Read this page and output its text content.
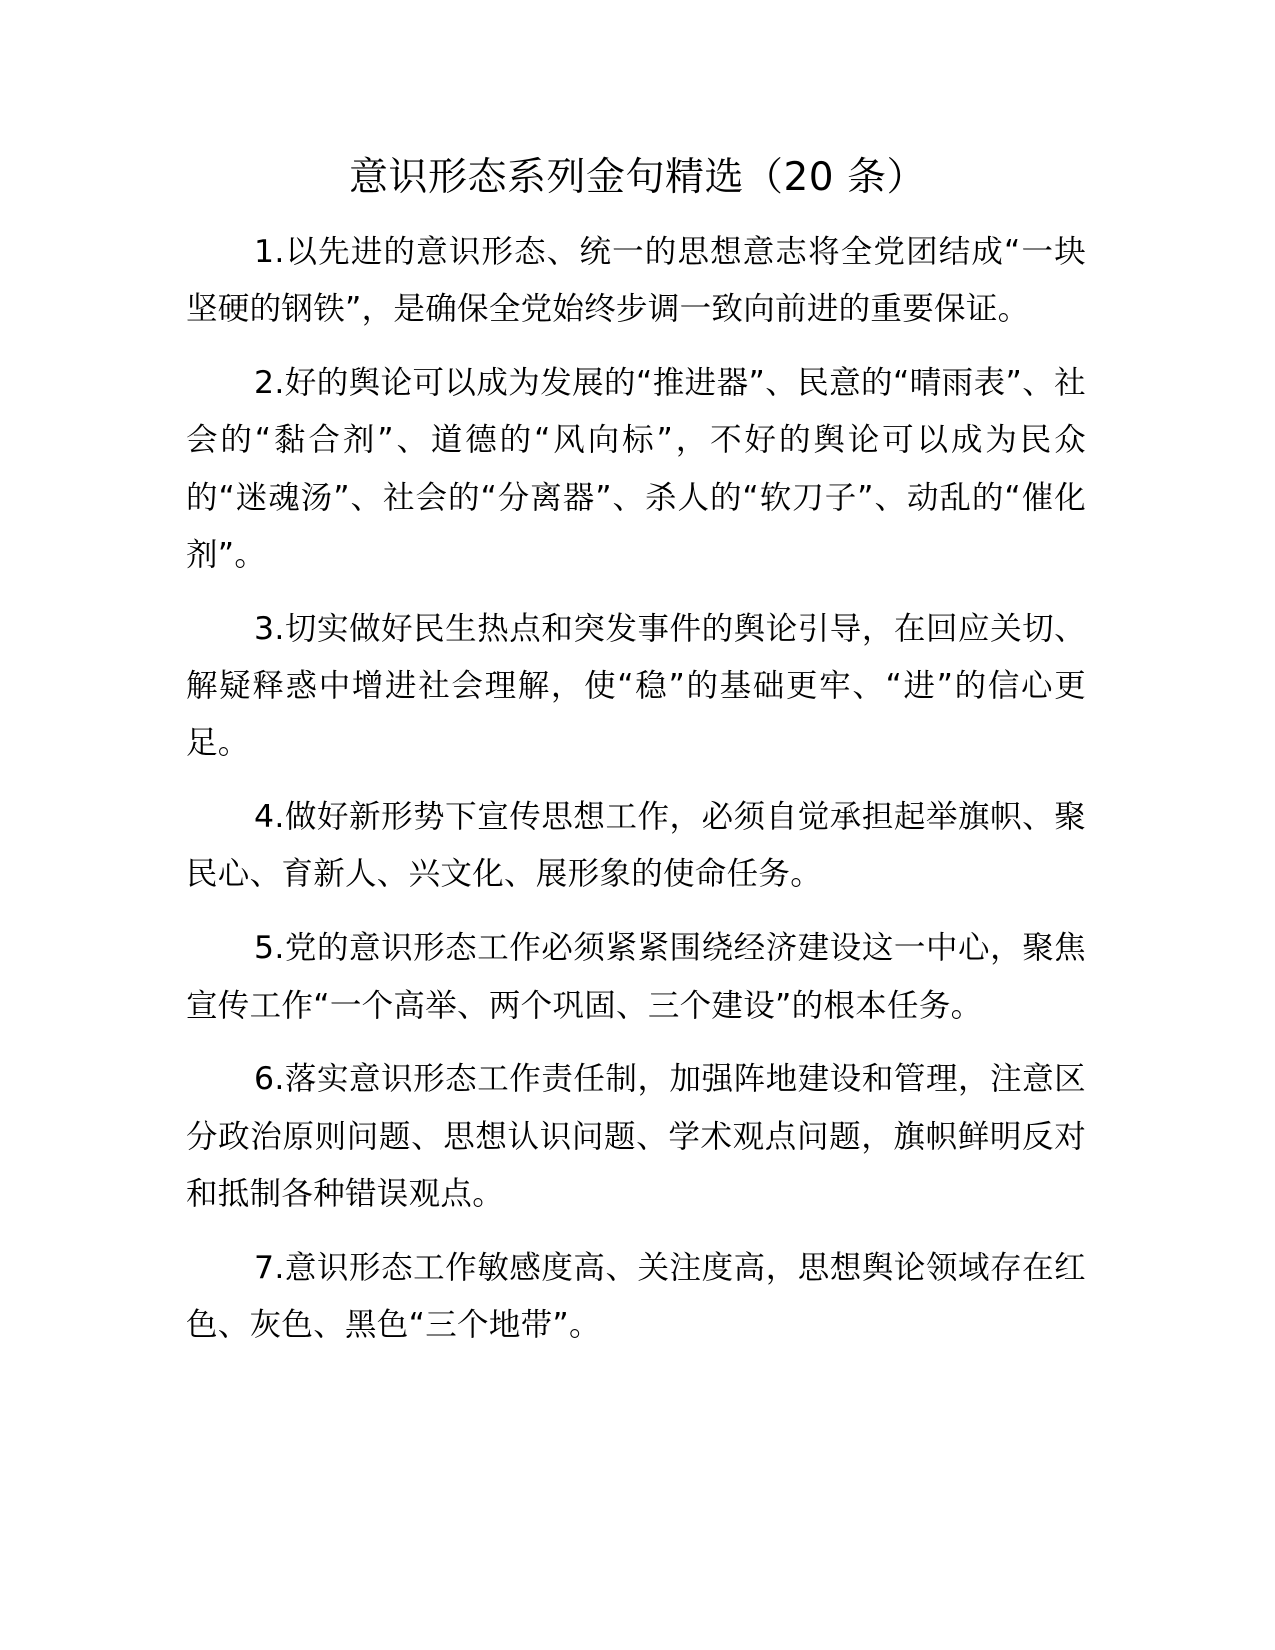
意识形态系列金句精选（20 条）

1.以先进的意识形态、统一的思想意志将全党团结成“一块坚硬的钢铁”，是确保全党始终步调一致向前进的重要保证。

2.好的舆论可以成为发展的“推进器”、民意的“晴雨表”、社会的“黏合剂”、道德的“风向标”，不好的舆论可以成为民众的“迷魂汤”、社会的“分离器”、杀人的“软刀子”、动乱的“催化剂”。

3.切实做好民生热点和突发事件的舆论引导，在回应关切、解疑释惑中增进社会理解，使“稳”的基础更牢、“进”的信心更足。

4.做好新形势下宣传思想工作，必须自觉承担起举旗帜、聚民心、育新人、兴文化、展形象的使命任务。

5.党的意识形态工作必须紧紧围绕经济建设这一中心，聚焦宣传工作“一个高举、两个巩固、三个建设”的根本任务。

6.落实意识形态工作责任制，加强阵地建设和管理，注意区分政治原则问题、思想认识问题、学术观点问题，旗帜鲜明反对和抵制各种错误观点。

7.意识形态工作敏感度高、关注度高，思想舆论领域存在红色、灰色、黑色“三个地带”。
